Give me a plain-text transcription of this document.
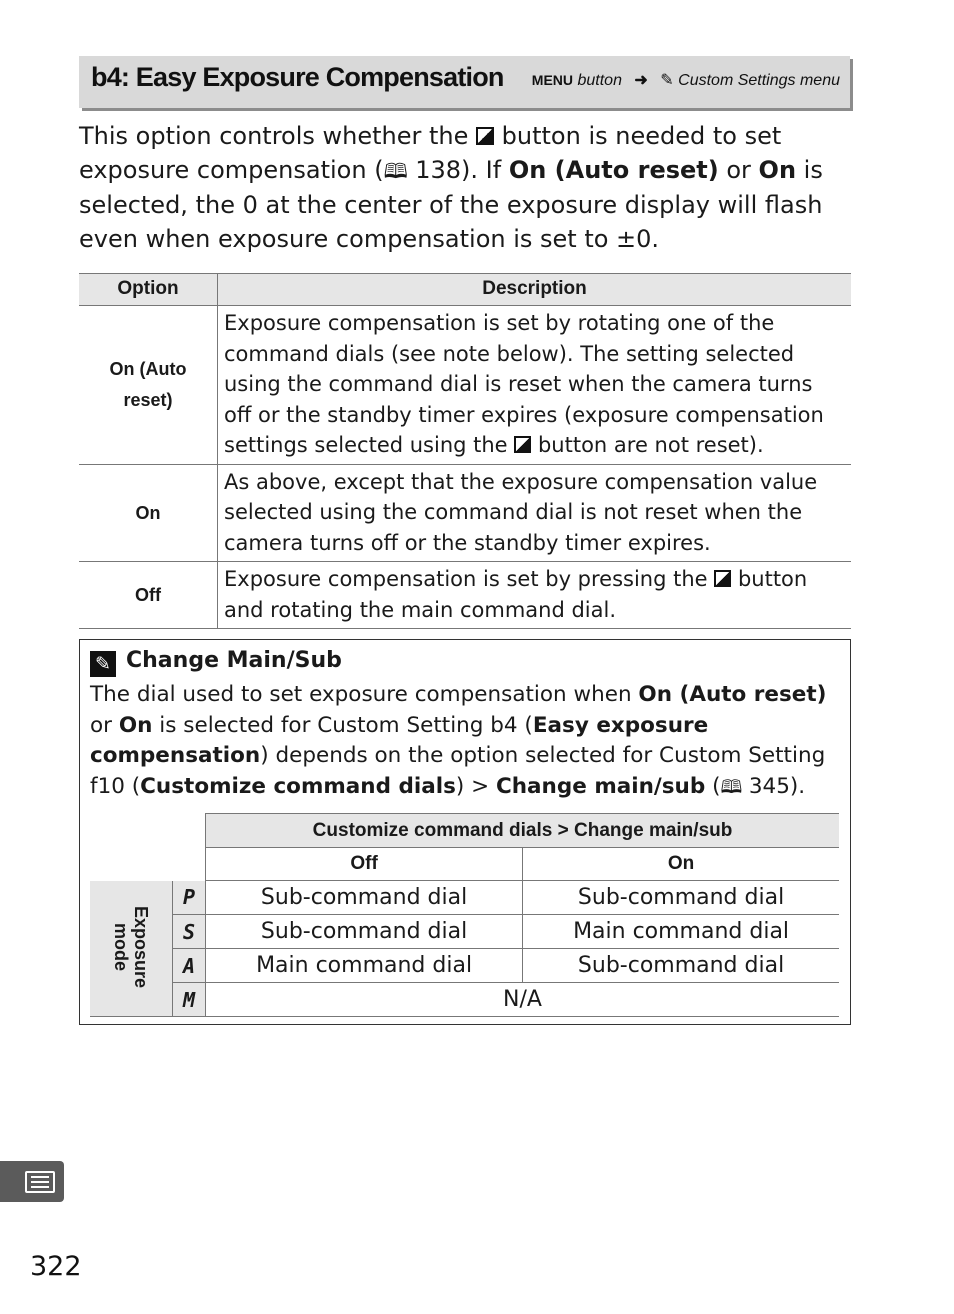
b4: Easy Exposure Compensation MENU button ➜ ✎ Custom Settings menu
This option controls whether the  button is needed to set exposure compensation (🕮 138). If On (Auto reset) or On is selected, the 0 at the center of the exposure display will flash even when exposure compensation is set to ±0.
Option	Description
On (Auto reset)	Exposure compensation is set by rotating one of the command dials (see note below). The setting selected using the command dial is reset when the camera turns off or the standby timer expires (exposure compensation settings selected using the  button are not reset).
On	As above, except that the exposure compensation value selected using the command dial is not reset when the camera turns off or the standby timer expires.
Off	Exposure compensation is set by pressing the  button and rotating the main command dial.
✎ Change Main/Sub
The dial used to set exposure compensation when On (Auto reset) or On is selected for Custom Setting b4 (Easy exposure compensation) depends on the option selected for Custom Setting f10 (Customize command dials) > Change main/sub (🕮 345).
		Customize command dials > Change main/sub	
		Off	On
Exposure
mode	P	Sub-command dial	Sub-command dial
	S	Sub-command dial	Main command dial
	A	Main command dial	Sub-command dial
	M	N/A	
322
